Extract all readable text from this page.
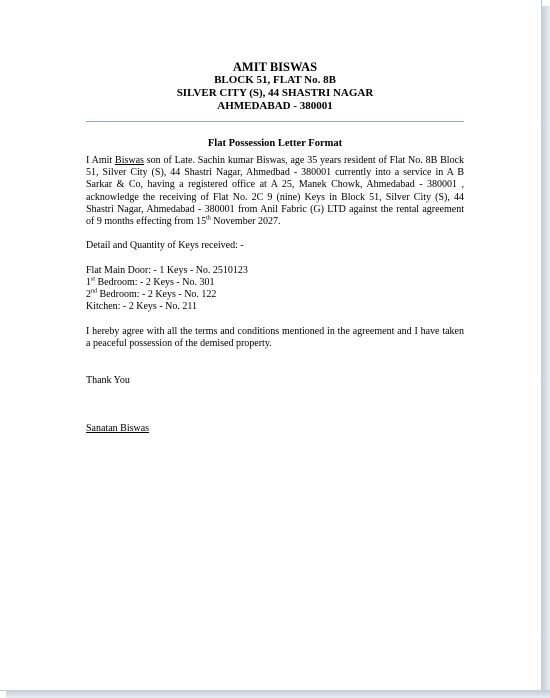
AMIT BISWAS
BLOCK 51, FLAT No. 8B
SILVER CITY (S), 44 SHASTRI NAGAR
AHMEDABAD - 380001
Flat Possession Letter Format

I Amit Biswas son of Late. Sachin kumar Biswas, age 35 years resident of Flat No. 8B Block 51, Silver City (S), 44 Shastri Nagar, Ahmedbad - 380001 currently into a service in A B Sarkar & Co, having a registered office at A 25, Manek Chowk, Ahmedabad - 380001 , acknowledge the receiving of Flat No. 2C 9 (nine) Keys in Block 51, Silver City (S), 44 Shastri Nagar, Ahmedabad - 380001 from Anil Fabric (G) LTD against the rental agreement of 9 months effecting from 15th November 2027.

Detail and Quantity of Keys received: -

Flat Main Door: - 1 Keys - No. 2510123

1st Bedroom: - 2 Keys - No. 301

2nd Bedroom: - 2 Keys - No. 122

Kitchen: - 2 Keys - No. 211

I hereby agree with all the terms and conditions mentioned in the agreement and I have taken a peaceful possession of the demised property.

Thank You

Sanatan Biswas
